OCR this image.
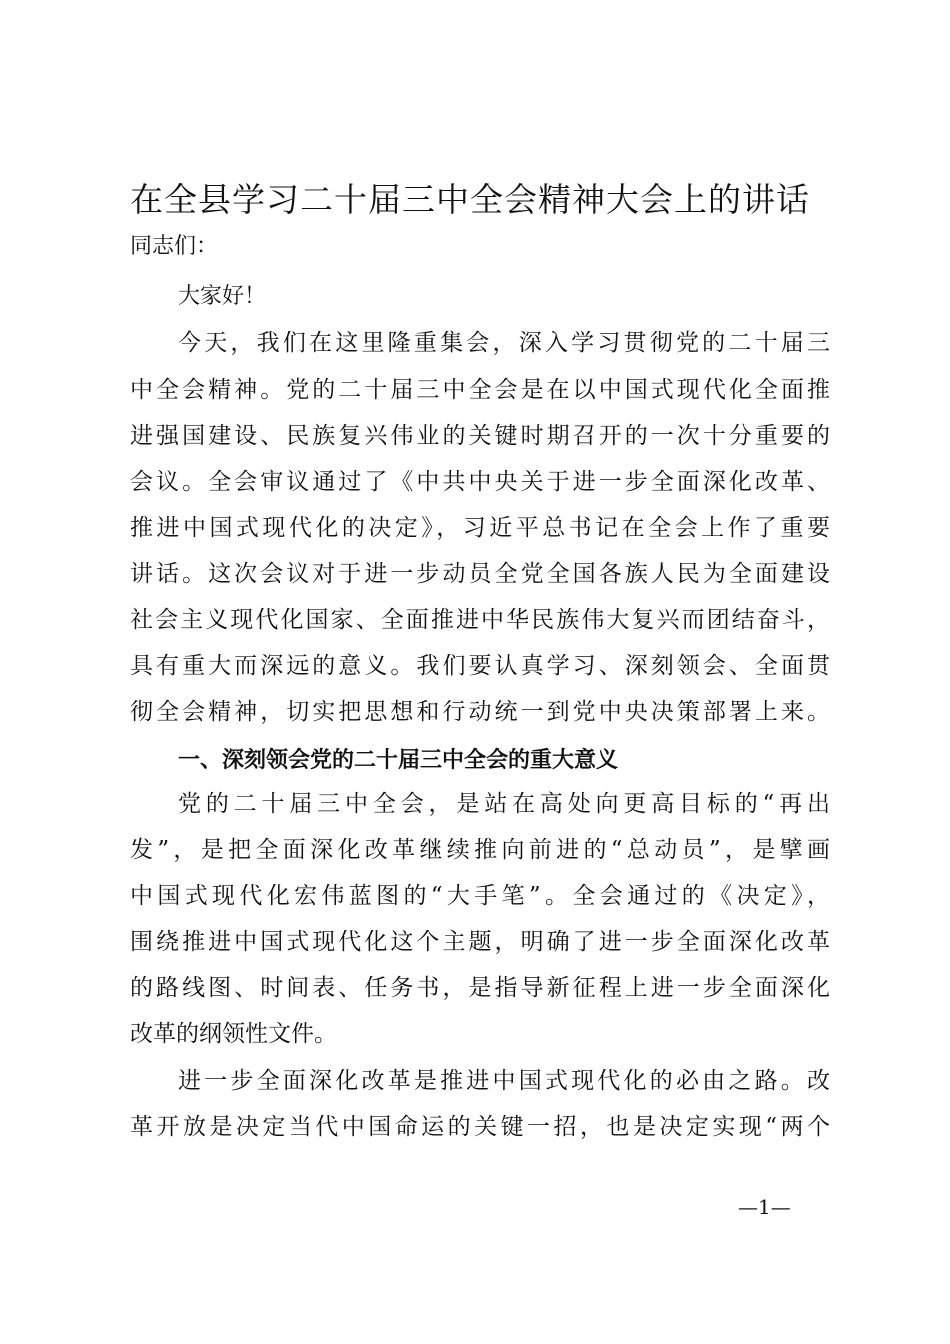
在全县学习二十届三中全会精神大会上的讲话
同志们：
大家好！
今天，我们在这里隆重集会，深入学习贯彻党的二十届三
中全会精神。党的二十届三中全会是在以中国式现代化全面推
进强国建设、民族复兴伟业的关键时期召开的一次十分重要的
会议。全会审议通过了《中共中央关于进一步全面深化改革、
推进中国式现代化的决定》，习近平总书记在全会上作了重要
讲话。这次会议对于进一步动员全党全国各族人民为全面建设
社会主义现代化国家、全面推进中华民族伟大复兴而团结奋斗，
具有重大而深远的意义。我们要认真学习、深刻领会、全面贯
彻全会精神，切实把思想和行动统一到党中央决策部署上来。
一、深刻领会党的二十届三中全会的重大意义
党的二十届三中全会，是站在高处向更高目标的“再出
发”，是把全面深化改革继续推向前进的“总动员”，是擘画
中国式现代化宏伟蓝图的“大手笔”。全会通过的《决定》，
围绕推进中国式现代化这个主题，明确了进一步全面深化改革
的路线图、时间表、任务书，是指导新征程上进一步全面深化
改革的纲领性文件。
进一步全面深化改革是推进中国式现代化的必由之路。改
革开放是决定当代中国命运的关键一招，也是决定实现“两个
—1—
